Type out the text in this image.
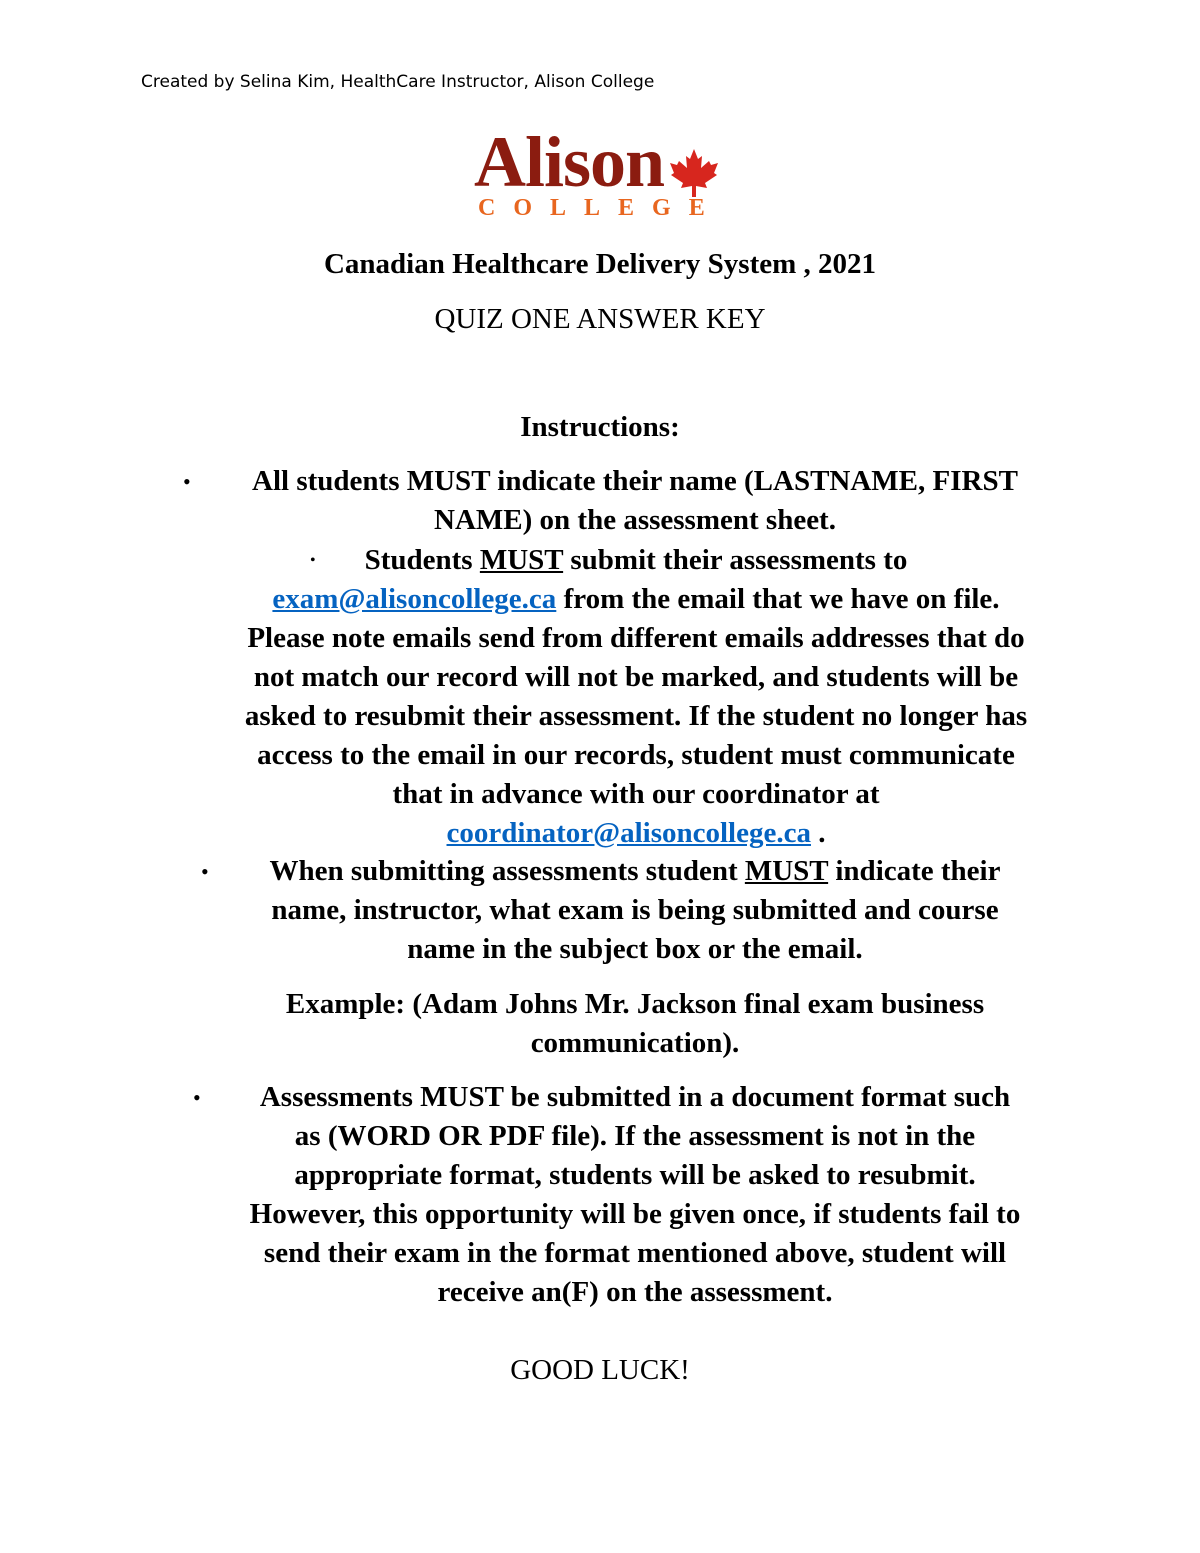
Created by Selina Kim, HealthCare Instructor, Alison College
Alison
COLLEGE
Canadian Healthcare Delivery System , 2021
QUIZ ONE ANSWER KEY
Instructions:
•	All students MUST indicate their name (LASTNAME, FIRST
NAME) on the assessment sheet.
•	Students MUST submit their assessments to
exam@alisoncollege.ca from the email that we have on file.
Please note emails send from different emails addresses that do
not match our record will not be marked, and students will be
asked to resubmit their assessment. If the student no longer has
access to the email in our records, student must communicate
that in advance with our coordinator at
coordinator@alisoncollege.ca .
•	When submitting assessments student MUST indicate their
name, instructor, what exam is being submitted and course
name in the subject box or the email.
Example: (Adam Johns Mr. Jackson final exam business
communication).
•	Assessments MUST be submitted in a document format such
as (WORD OR PDF file). If the assessment is not in the
appropriate format, students will be asked to resubmit.
However, this opportunity will be given once, if students fail to
send their exam in the format mentioned above, student will
receive an(F) on the assessment.
GOOD LUCK!
